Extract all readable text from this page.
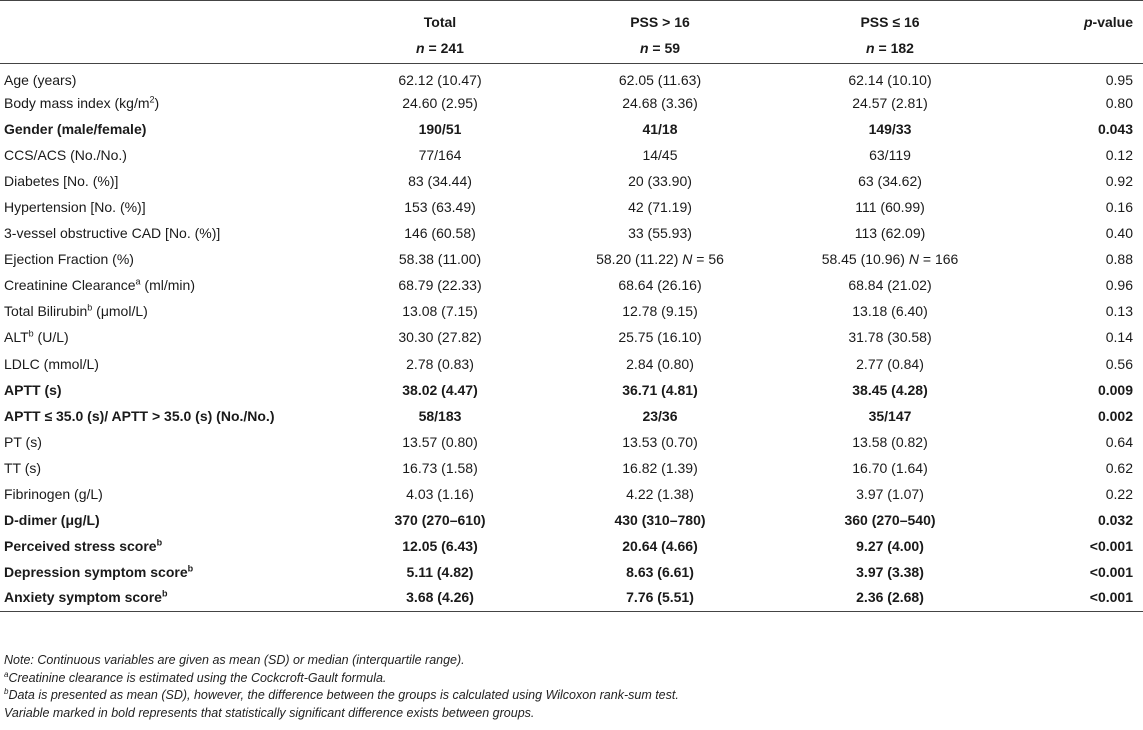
	Total	PSS > 16	PSS ≤ 16	p-value
	n = 241	n = 59	n = 182	
Age (years)	62.12 (10.47)	62.05 (11.63)	62.14 (10.10)	0.95
Body mass index $(kg/m^2)$	24.60 (2.95)	24.68 (3.36)	24.57 (2.81)	0.80
Gender (male/female)	190/51	41/18	149/33	0.043
CCS/ACS (No./No.)	77/164	14/45	63/119	0.12
Diabetes [No. (%)]	83 (34.44)	20 (33.90)	63 (34.62)	0.92
Hypertension [No. (%)]	153 (63.49)	42 (71.19)	111 (60.99)	0.16
3-vessel obstructive CAD [No. (%)]	146 (60.58)	33 (55.93)	113 (62.09)	0.40
Ejection Fraction (%)	58.38 (11.00)	58.20 (11.22) N = 56	58.45 (10.96) N = 166	0.88
Creatinine Clearance$^a$ (ml/min)	68.79 (22.33)	68.64 (26.16)	68.84 (21.02)	0.96
Total Bilirubin$^b$ (μmol/L)	13.08 (7.15)	12.78 (9.15)	13.18 (6.40)	0.13
ALT$^b$ (U/L)	30.30 (27.82)	25.75 (16.10)	31.78 (30.58)	0.14
LDLC (mmol/L)	2.78 (0.83)	2.84 (0.80)	2.77 (0.84)	0.56
APTT (s)	38.02 (4.47)	36.71 (4.81)	38.45 (4.28)	0.009
APTT ≤ 35.0 (s)/ APTT > 35.0 (s) (No./No.)	58/183	23/36	35/147	0.002
PT (s)	13.57 (0.80)	13.53 (0.70)	13.58 (0.82)	0.64
TT (s)	16.73 (1.58)	16.82 (1.39)	16.70 (1.64)	0.62
Fibrinogen (g/L)	4.03 (1.16)	4.22 (1.38)	3.97 (1.07)	0.22
D-dimer (μg/L)	370 (270–610)	430 (310–780)	360 (270–540)	0.032
Perceived stress score$^b$	12.05 (6.43)	20.64 (4.66)	9.27 (4.00)	<0.001
Depression symptom score$^b$	5.11 (4.82)	8.63 (6.61)	3.97 (3.38)	<0.001
Anxiety symptom score$^b$	3.68 (4.26)	7.76 (5.51)	2.36 (2.68)	<0.001

Note: Continuous variables are given as mean (SD) or median (interquartile range).

$^a$Creatinine clearance is estimated using the Cockcroft-Gault formula.

$^b$Data is presented as mean (SD), however, the difference between the groups is calculated using Wilcoxon rank-sum test.

Variable marked in bold represents that statistically significant difference exists between groups.
